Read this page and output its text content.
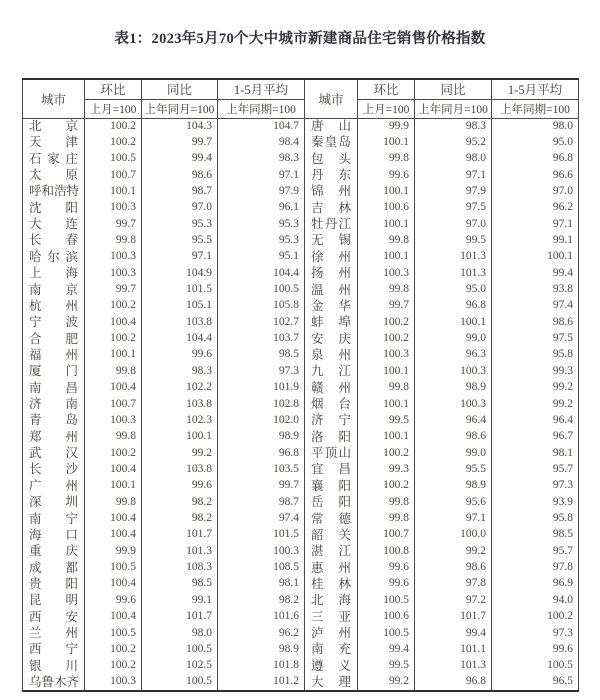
表1：2023年5月70个大中城市新建商品住宅销售价格指数
城市	环比	同比	1-5月平均	城市	环比	同比	1-5月平均
	上月=100	上年同月=100	上年同期=100		上月=100	上年同月=100	上年同期=100
北京	100.2	104.3	104.7	唐山	99.9	98.3	98.0
天津	100.2	99.7	98.4	秦皇岛	100.1	95.2	95.0
石家庄	100.5	99.4	98.3	包头	99.8	98.0	96.8
太原	100.7	98.6	97.1	丹东	99.6	97.1	96.6
呼和浩特	100.1	98.7	97.9	锦州	100.1	97.9	97.0
沈阳	100.3	97.0	96.1	吉林	100.6	97.5	96.2
大连	99.7	95.3	95.3	牡丹江	100.1	97.0	97.1
长春	99.8	95.5	95.3	无锡	99.8	99.5	99.1
哈尔滨	100.3	97.1	95.1	徐州	100.1	101.3	100.1
上海	100.3	104.9	104.4	扬州	100.3	101.3	99.4
南京	99.7	101.5	100.5	温州	99.8	95.0	93.8
杭州	100.2	105.1	105.8	金华	99.7	96.8	97.4
宁波	100.4	103.8	102.7	蚌埠	100.2	100.1	98.6
合肥	100.2	104.4	103.7	安庆	100.2	99.0	97.5
福州	100.1	99.6	98.5	泉州	100.3	96.3	95.8
厦门	99.8	98.3	97.3	九江	100.1	100.3	99.3
南昌	100.4	102.2	101.9	赣州	99.8	98.9	99.2
济南	100.7	103.8	102.8	烟台	100.1	100.3	99.2
青岛	100.3	102.3	102.0	济宁	99.5	96.4	96.4
郑州	99.8	100.1	98.9	洛阳	100.1	98.6	96.7
武汉	100.2	99.2	96.8	平顶山	100.2	99.0	98.1
长沙	100.4	103.8	103.5	宜昌	99.3	95.5	95.7
广州	100.1	99.6	99.7	襄阳	100.2	98.9	97.3
深圳	99.8	98.2	98.7	岳阳	99.8	95.6	93.9
南宁	100.4	98.2	97.4	常德	99.8	97.1	95.8
海口	100.4	101.7	101.5	韶关	100.7	100.0	98.5
重庆	99.9	101.3	100.3	湛江	100.8	99.2	95.7
成都	100.5	108.3	108.5	惠州	99.6	98.6	97.8
贵阳	100.4	98.5	98.1	桂林	99.6	97.8	96.9
昆明	99.6	99.1	98.2	北海	100.5	97.2	94.0
西安	100.4	101.7	101.6	三亚	100.6	101.7	100.2
兰州	100.5	98.0	96.2	泸州	100.5	99.4	97.3
西宁	100.2	100.5	98.9	南充	99.4	101.1	99.6
银川	100.2	102.5	101.8	遵义	99.5	101.3	100.5
乌鲁木齐	100.3	100.5	101.2	大理	99.2	96.8	96.5
